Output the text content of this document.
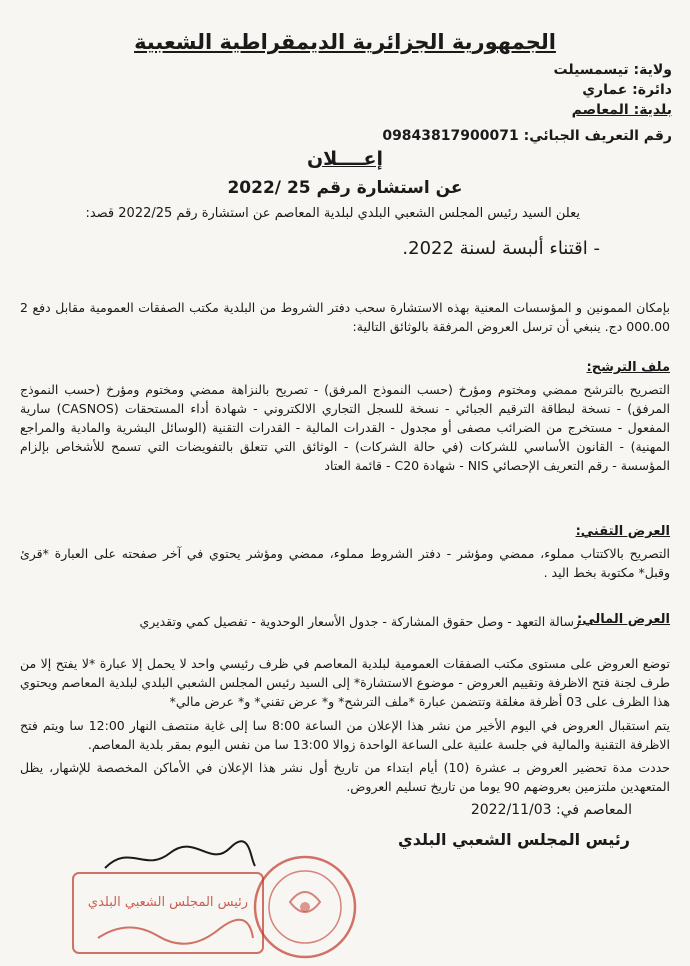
الجمهورية الجزائرية الديمقراطية الشعبية
ولاية: تيسمسيلت
دائرة: عماري
بلدية: المعاصم
رقم التعريف الجبائي: 09843817900071
إعــــلان
عن استشارة رقم 25 /2022
يعلن السيد رئيس المجلس الشعبي البلدي لبلدية المعاصم عن استشارة رقم 2022/25 قصد:
- اقتناء ألبسة لسنة 2022.
بإمكان الممونين و المؤسسات المعنية بهذه الاستشارة سحب دفتر الشروط من البلدية مكتب الصفقات العمومية مقابل دفع 2 000.00 دج. ينبغي أن ترسل العروض المرفقة بالوثائق التالية:
ملف الترشح:
التصريح بالترشح ممضي ومختوم ومؤرخ (حسب النموذج المرفق) - تصريح بالنزاهة ممضي ومختوم ومؤرخ (حسب النموذج المرفق) - نسخة لبطاقة الترقيم الجبائي - نسخة للسجل التجاري الالكتروني - شهادة أداء المستحقات (CASNOS) سارية المفعول - مستخرج من الضرائب مصفى أو مجدول - القدرات المالية - القدرات التقنية (الوسائل البشرية والمادية والمراجع المهنية) - القانون الأساسي للشركات (في حالة الشركات) - الوثائق التي تتعلق بالتفويضات التي تسمح للأشخاص بإلزام المؤسسة - رقم التعريف الإحصائي NIS - شهادة C20 - قائمة العتاد
العرض التقني:
التصريح بالاكتتاب مملوء، ممضي ومؤشر - دفتر الشروط مملوء، ممضي ومؤشر يحتوي في آخر صفحته على العبارة *قرئ وقبل* مكتوبة بخط اليد .
العرض المالي:
رسالة التعهد - وصل حقوق المشاركة - جدول الأسعار الوحدوية - تفصيل كمي وتقديري
توضع العروض على مستوى مكتب الصفقات العمومية لبلدية المعاصم في ظرف رئيسي واحد لا يحمل إلا عبارة *لا يفتح إلا من طرف لجنة فتح الاظرفة وتقييم العروض - موضوع الاستشارة* إلى السيد رئيس المجلس الشعبي البلدي لبلدية المعاصم ويحتوي هذا الظرف على 03 أظرفة مغلقة وتتضمن عبارة *ملف الترشح* و* عرض تقني* و* عرض مالي*
يتم استقبال العروض في اليوم الأخير من نشر هذا الإعلان من الساعة 8:00 سا إلى غاية منتصف النهار 12:00 سا ويتم فتح الاظرفة التقنية والمالية في جلسة علنية على الساعة الواحدة زوالا 13:00 سا من نفس اليوم بمقر بلدية المعاصم.
حددت مدة تحضير العروض بـ عشرة (10) أيام ابتداء من تاريخ أول نشر هذا الإعلان في الأماكن المخصصة للإشهار، يظل المتعهدين ملتزمين بعروضهم 90 يوما من تاريخ تسليم العروض.
المعاصم في: 2022/11/03
رئيس المجلس الشعبي البلدي
رئيس المجلس الشعبي البلدي
